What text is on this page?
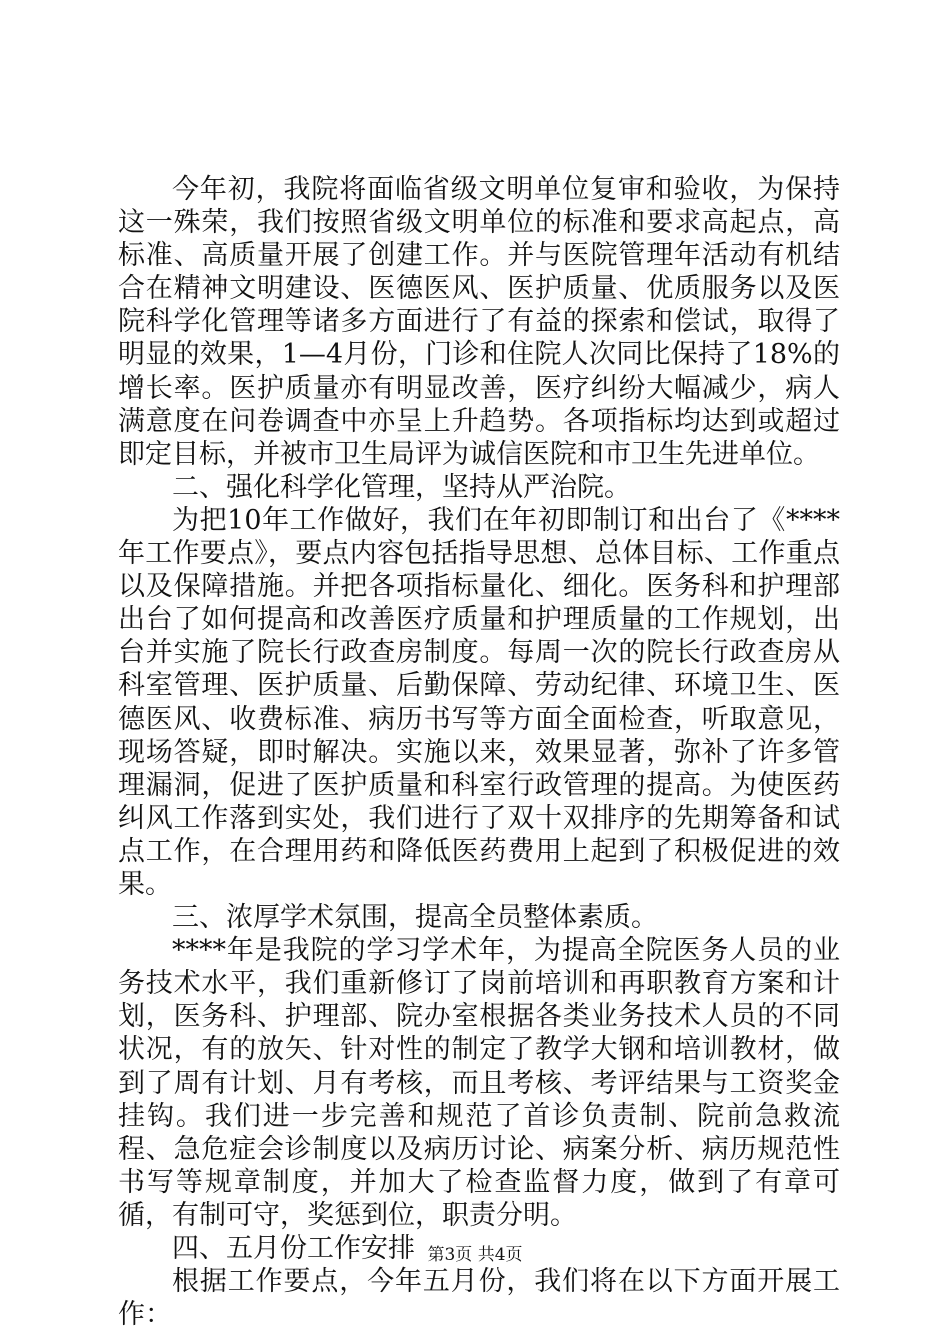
今年初，我院将面临省级文明单位复审和验收，为保持这一殊荣，我们按照省级文明单位的标准和要求高起点，高标准、高质量开展了创建工作。并与医院管理年活动有机结合在精神文明建设、医德医风、医护质量、优质服务以及医院科学化管理等诸多方面进行了有益的探索和偿试，取得了明显的效果，1—4月份，门诊和住院人次同比保持了18%的增长率。医护质量亦有明显改善，医疗纠纷大幅减少，病人满意度在问卷调查中亦呈上升趋势。各项指标均达到或超过即定目标，并被市卫生局评为诚信医院和市卫生先进单位。

二、强化科学化管理，坚持从严治院。

为把10年工作做好，我们在年初即制订和出台了《****年工作要点》，要点内容包括指导思想、总体目标、工作重点以及保障措施。并把各项指标量化、细化。医务科和护理部出台了如何提高和改善医疗质量和护理质量的工作规划，出台并实施了院长行政查房制度。每周一次的院长行政查房从科室管理、医护质量、后勤保障、劳动纪律、环境卫生、医德医风、收费标准、病历书写等方面全面检查，听取意见，现场答疑，即时解决。实施以来，效果显著，弥补了许多管理漏洞，促进了医护质量和科室行政管理的提高。为使医药纠风工作落到实处，我们进行了双十双排序的先期筹备和试点工作，在合理用药和降低医药费用上起到了积极促进的效果。

三、浓厚学术氛围，提高全员整体素质。

****年是我院的学习学术年，为提高全院医务人员的业务技术水平，我们重新修订了岗前培训和再职教育方案和计划，医务科、护理部、院办室根据各类业务技术人员的不同状况，有的放矢、针对性的制定了教学大钢和培训教材，做到了周有计划、月有考核，而且考核、考评结果与工资奖金挂钩。我们进一步完善和规范了首诊负责制、院前急救流程、急危症会诊制度以及病历讨论、病案分析、病历规范性书写等规章制度，并加大了检查监督力度，做到了有章可循，有制可守，奖惩到位，职责分明。

四、五月份工作安排

根据工作要点，今年五月份，我们将在以下方面开展工作：

第3页 共4页
